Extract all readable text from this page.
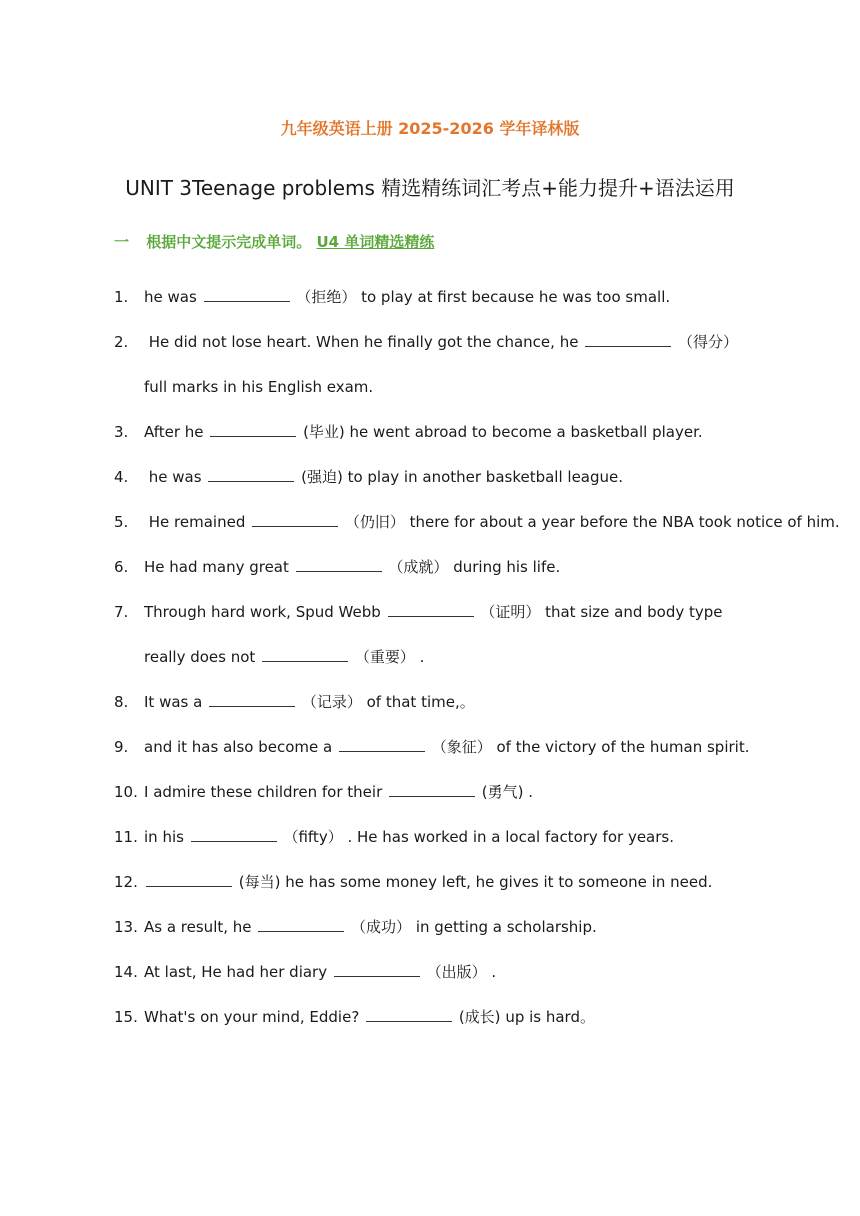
九年级英语上册 2025-2026 学年译林版
UNIT 3Teenage problems 精选精练词汇考点+能力提升+语法运用
一 根据中文提示完成单词。 U4 单词精选精练
1. he was	（拒绝） to play at first because he was too small.
2. He did not lose heart. When he finally got the chance, he	（得分）
full marks in his English exam.
3. After he	(毕业) he went abroad to become a basketball player.
4. he was	(强迫) to play in another basketball league.
5. He remained	（仍旧） there for about a year before the NBA took notice of him.
6. He had many great	（成就） during his life.
7. Through hard work, Spud Webb	（证明） that size and body type
really does not	（重要） .
8. It was a	（记录） of that time,。
9. and it has also become a	（象征） of the victory of the human spirit.
10. I admire these children for their	(勇气) .
11. in his	（fifty） . He has worked in a local factory for years.
12.	(每当) he has some money left, he gives it to someone in need.
13. As a result, he	（成功） in getting a scholarship.
14. At last, He had her diary	（出版） .
15. What's on your mind, Eddie?	(成长) up is hard。
